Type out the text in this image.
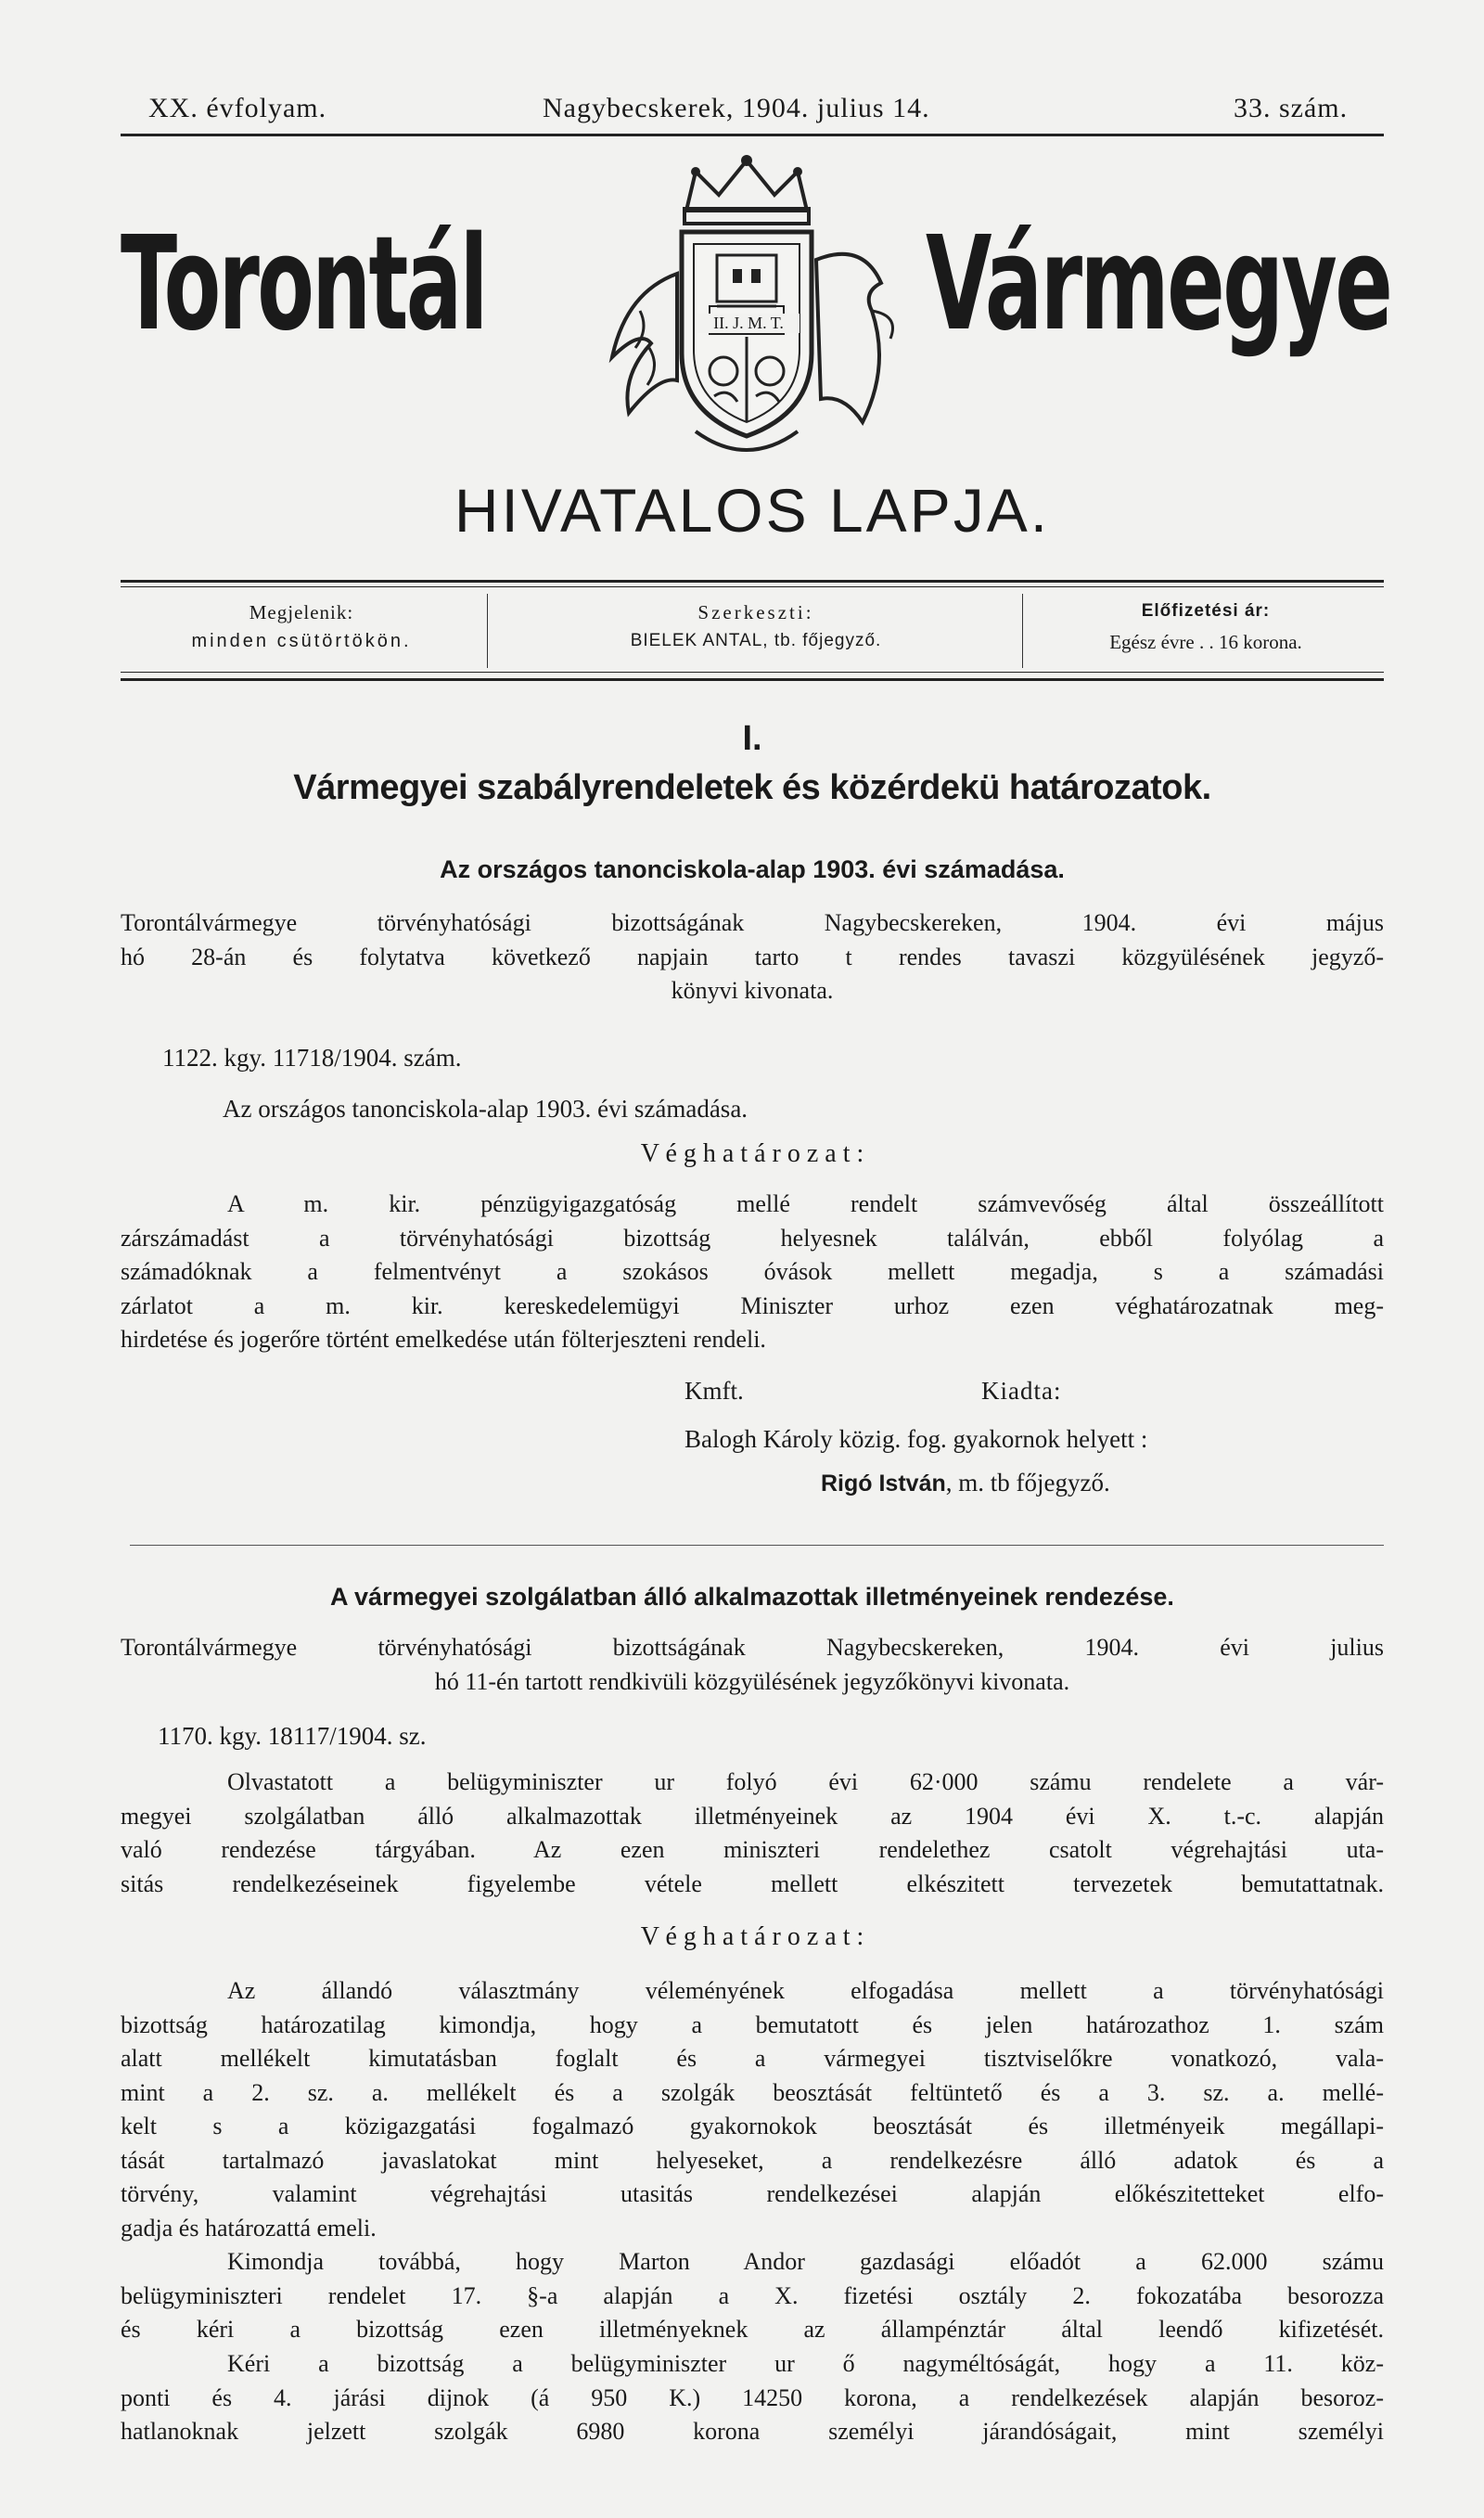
XX. évfolyam.	Nagybecskerek, 1904. julius 14.	33. szám.
Torontál	Vármegye
II. J. M. T.
HIVATALOS LAPJA.
Megjelenik:
minden csütörtökön.
Szerkeszti:
BIELEK ANTAL, tb. főjegyző.
Előfizetési ár:
Egész évre . . 16 korona.
I.
Vármegyei szabályrendeletek és közérdekü határozatok.
Az országos tanonciskola-alap 1903. évi számadása.
Torontálvármegye törvényhatósági bizottságának Nagybecskereken, 1904. évi május
hó 28-án és folytatva következő napjain tarto t rendes tavaszi közgyülésének jegyző-
könyvi kivonata.
1122. kgy. 11718/1904. szám.
Az országos tanonciskola-alap 1903. évi számadása.
V é g h a t á r o z a t :
A m. kir. pénzügyigazgatóság mellé rendelt számvevőség által összeállított
zárszámadást a törvényhatósági bizottság helyesnek találván, ebből folyólag a
számadóknak a felmentvényt a szokásos óvások mellett megadja, s a számadási
zárlatot a m. kir. kereskedelemügyi Miniszter urhoz ezen véghatározatnak meg-
hirdetése és jogerőre történt emelkedése után fölterjeszteni rendeli.
Kmft.	Kiadta:
Balogh Károly közig. fog. gyakornok helyett :
Rigó István, m. tb főjegyző.
A vármegyei szolgálatban álló alkalmazottak illetményeinek rendezése.
Torontálvármegye törvényhatósági bizottságának Nagybecskereken, 1904. évi julius
hó 11-én tartott rendkivüli közgyülésének jegyzőkönyvi kivonata.
1170. kgy. 18117/1904. sz.
Olvastatott a belügyminiszter ur folyó évi 62·000 számu rendelete a vár-
megyei szolgálatban álló alkalmazottak illetményeinek az 1904 évi X. t.-c. alapján
való rendezése tárgyában. Az ezen miniszteri rendelethez csatolt végrehajtási uta-
sitás rendelkezéseinek figyelembe vétele mellett elkészitett tervezetek bemutattatnak.
V é g h a t á r o z a t :
Az állandó választmány véleményének elfogadása mellett a törvényhatósági
bizottság határozatilag kimondja, hogy a bemutatott és jelen határozathoz 1. szám
alatt mellékelt kimutatásban foglalt és a vármegyei tisztviselőkre vonatkozó, vala-
mint a 2. sz. a. mellékelt és a szolgák beosztását feltüntető és a 3. sz. a. mellé-
kelt s a közigazgatási fogalmazó gyakornokok beosztását és illetményeik megállapi-
tását tartalmazó javaslatokat mint helyeseket, a rendelkezésre álló adatok és a
törvény, valamint végrehajtási utasitás rendelkezései alapján előkészitetteket elfo-
gadja és határozattá emeli.
Kimondja továbbá, hogy Marton Andor gazdasági előadót a 62.000 számu
belügyminiszteri rendelet 17. §-a alapján a X. fizetési osztály 2. fokozatába besorozza
és kéri a bizottság ezen illetményeknek az állampénztár által leendő kifizetését.
Kéri a bizottság a belügyminiszter ur ő nagyméltóságát, hogy a 11. köz-
ponti és 4. járási dijnok (á 950 K.) 14250 korona, a rendelkezések alapján besoroz-
hatlanoknak jelzett szolgák 6980 korona személyi járandóságait, mint személyi
